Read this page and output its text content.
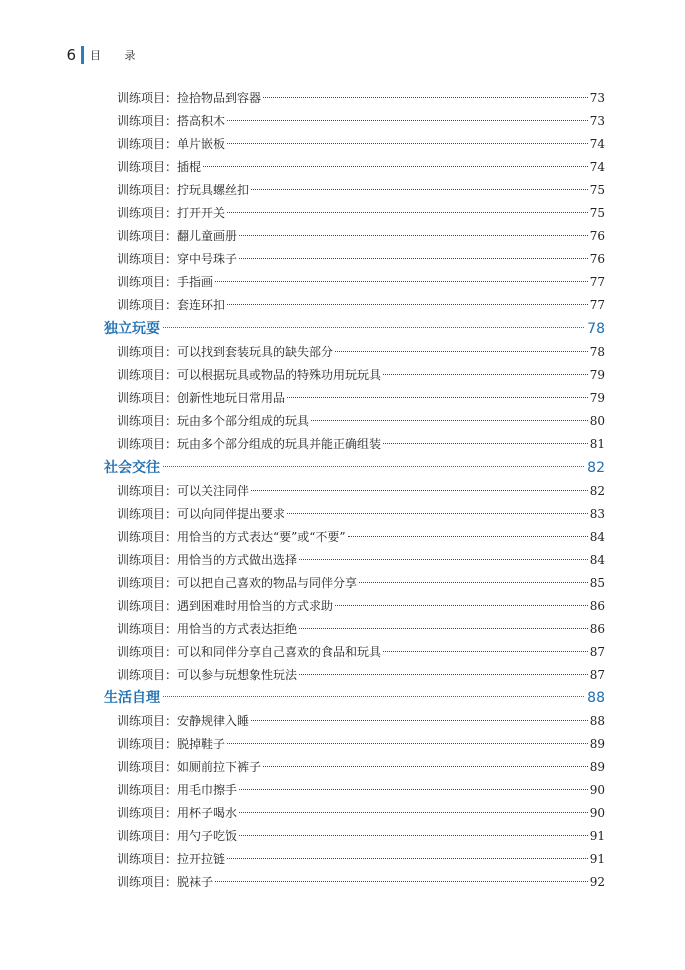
6 目 录
训练项目：捡拾物品到容器	73
训练项目：搭高积木	73
训练项目：单片嵌板	74
训练项目：插棍	74
训练项目：拧玩具螺丝扣	75
训练项目：打开开关	75
训练项目：翻儿童画册	76
训练项目：穿中号珠子	76
训练项目：手指画	77
训练项目：套连环扣	77
独立玩耍	78
训练项目：可以找到套装玩具的缺失部分	78
训练项目：可以根据玩具或物品的特殊功用玩玩具	79
训练项目：创新性地玩日常用品	79
训练项目：玩由多个部分组成的玩具	80
训练项目：玩由多个部分组成的玩具并能正确组装	81
社会交往	82
训练项目：可以关注同伴	82
训练项目：可以向同伴提出要求	83
训练项目：用恰当的方式表达“要”或“不要”	84
训练项目：用恰当的方式做出选择	84
训练项目：可以把自己喜欢的物品与同伴分享	85
训练项目：遇到困难时用恰当的方式求助	86
训练项目：用恰当的方式表达拒绝	86
训练项目：可以和同伴分享自己喜欢的食品和玩具	87
训练项目：可以参与玩想象性玩法	87
生活自理	88
训练项目：安静规律入睡	88
训练项目：脱掉鞋子	89
训练项目：如厕前拉下裤子	89
训练项目：用毛巾擦手	90
训练项目：用杯子喝水	90
训练项目：用勺子吃饭	91
训练项目：拉开拉链	91
训练项目：脱袜子	92
